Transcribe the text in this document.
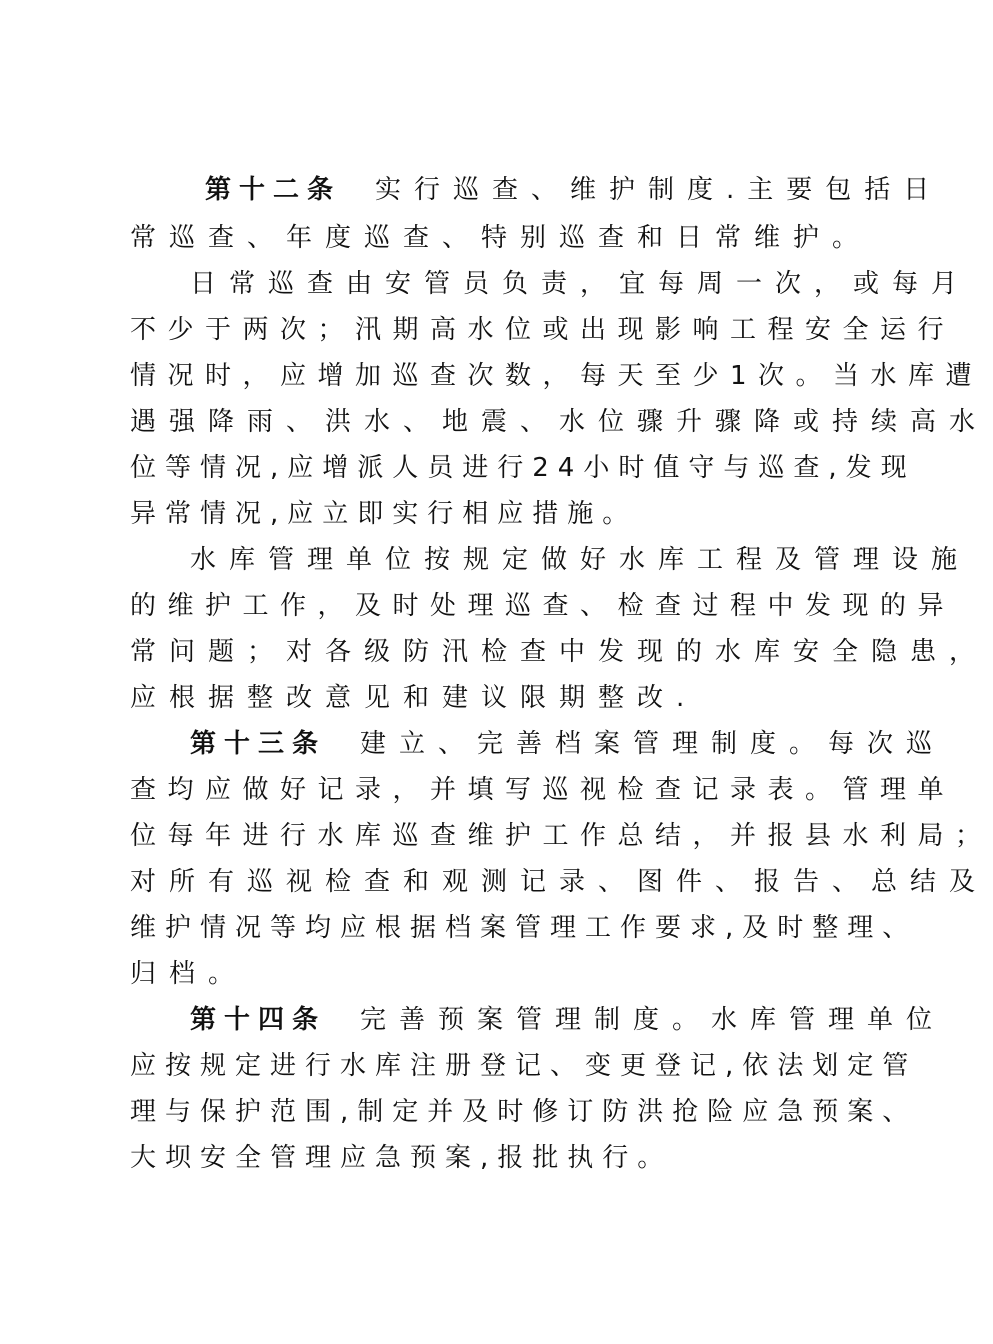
第十二条 实行巡查、维护制度.主要包括日
常巡查、年度巡查、特别巡查和日常维护。
日常巡查由安管员负责，宜每周一次，或每月
不少于两次；汛期高水位或出现影响工程安全运行
情况时，应增加巡查次数，每天至少1次。当水库遭
遇强降雨、洪水、地震、水位骤升骤降或持续高水
位等情况,应增派人员进行24小时值守与巡查,发现
异常情况,应立即实行相应措施。
水库管理单位按规定做好水库工程及管理设施
的维护工作，及时处理巡查、检查过程中发现的异
常问题；对各级防汛检查中发现的水库安全隐患，
应根据整改意见和建议限期整改.
第十三条 建立、完善档案管理制度。每次巡
查均应做好记录，并填写巡视检查记录表。管理单
位每年进行水库巡查维护工作总结，并报县水利局；
对所有巡视检查和观测记录、图件、报告、总结及
维护情况等均应根据档案管理工作要求,及时整理、
归档。
第十四条 完善预案管理制度。水库管理单位
应按规定进行水库注册登记、变更登记,依法划定管
理与保护范围,制定并及时修订防洪抢险应急预案、
大坝安全管理应急预案,报批执行。
